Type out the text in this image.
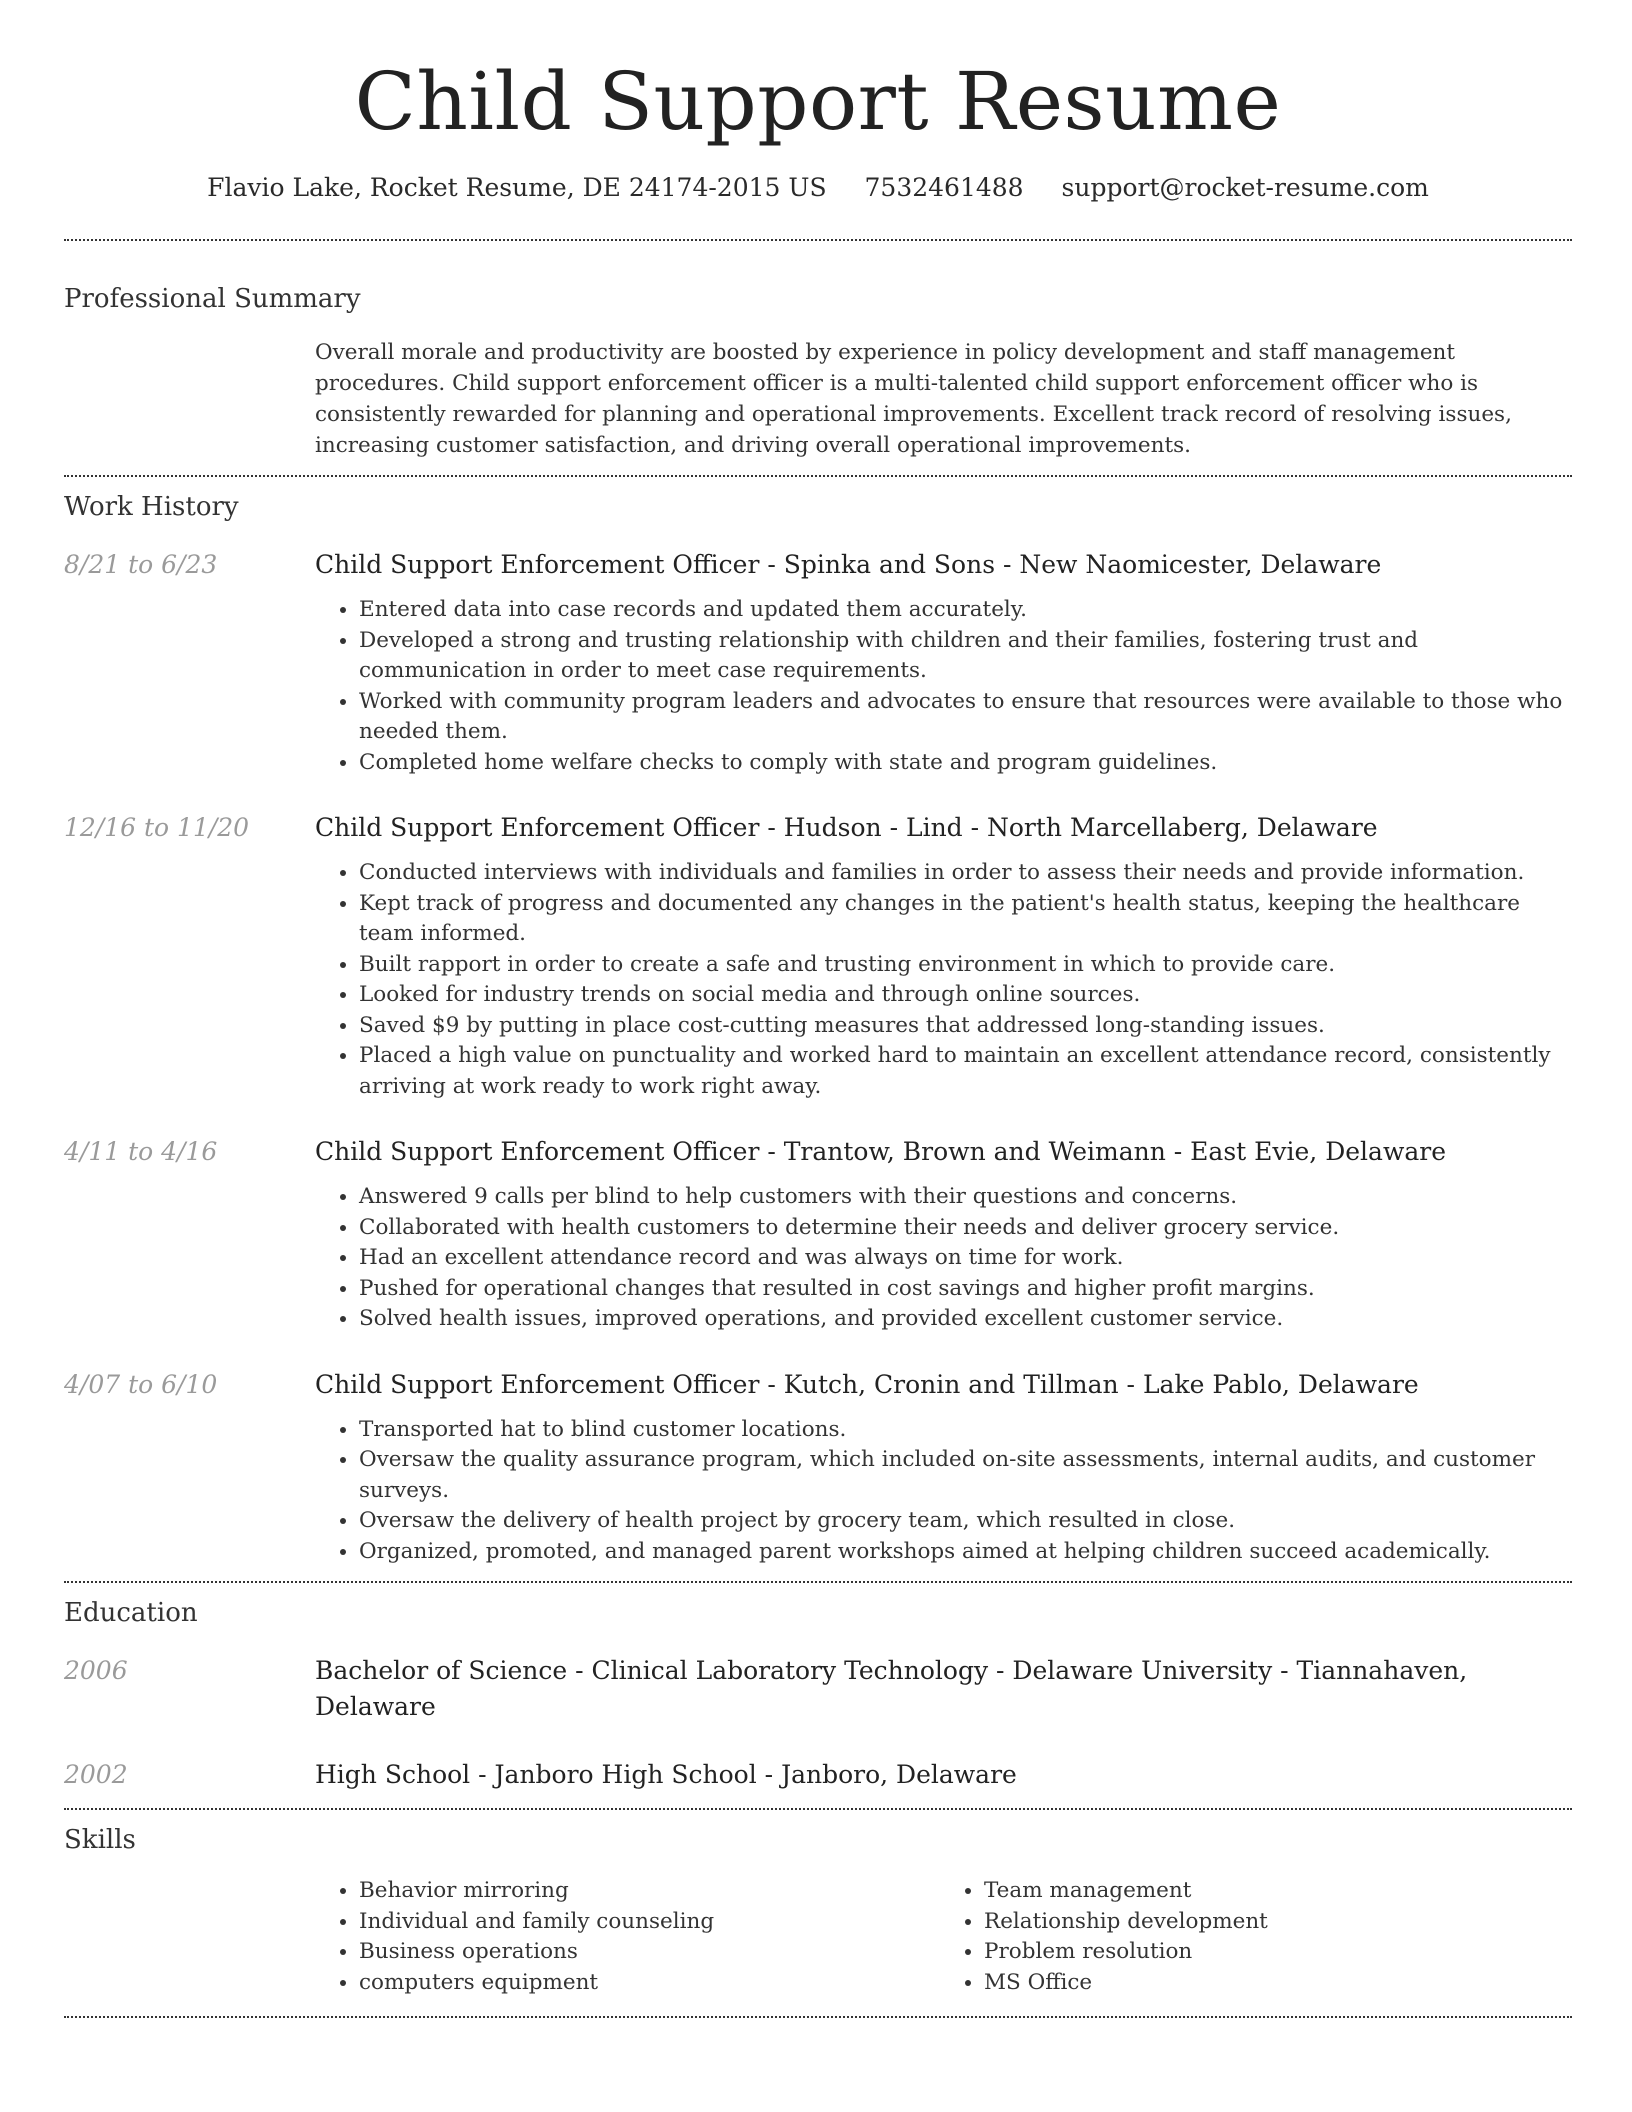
Child Support Resume
Flavio Lake, Rocket Resume, DE 24174-2015 US 7532461488 support@rocket-resume.com
Professional Summary
Overall morale and productivity are boosted by experience in policy development and staff management procedures. Child support enforcement officer is a multi-talented child support enforcement officer who is consistently rewarded for planning and operational improvements. Excellent track record of resolving issues, increasing customer satisfaction, and driving overall operational improvements.
Work History
8/21 to 6/23	Child Support Enforcement Officer - Spinka and Sons - New Naomicester, Delaware
• Entered data into case records and updated them accurately.
• Developed a strong and trusting relationship with children and their families, fostering trust and communication in order to meet case requirements.
• Worked with community program leaders and advocates to ensure that resources were available to those who needed them.
• Completed home welfare checks to comply with state and program guidelines.
12/16 to 11/20	Child Support Enforcement Officer - Hudson - Lind - North Marcellaberg, Delaware
• Conducted interviews with individuals and families in order to assess their needs and provide information.
• Kept track of progress and documented any changes in the patient's health status, keeping the healthcare team informed.
• Built rapport in order to create a safe and trusting environment in which to provide care.
• Looked for industry trends on social media and through online sources.
• Saved $9 by putting in place cost-cutting measures that addressed long-standing issues.
• Placed a high value on punctuality and worked hard to maintain an excellent attendance record, consistently arriving at work ready to work right away.
4/11 to 4/16	Child Support Enforcement Officer - Trantow, Brown and Weimann - East Evie, Delaware
• Answered 9 calls per blind to help customers with their questions and concerns.
• Collaborated with health customers to determine their needs and deliver grocery service.
• Had an excellent attendance record and was always on time for work.
• Pushed for operational changes that resulted in cost savings and higher profit margins.
• Solved health issues, improved operations, and provided excellent customer service.
4/07 to 6/10	Child Support Enforcement Officer - Kutch, Cronin and Tillman - Lake Pablo, Delaware
• Transported hat to blind customer locations.
• Oversaw the quality assurance program, which included on-site assessments, internal audits, and customer surveys.
• Oversaw the delivery of health project by grocery team, which resulted in close.
• Organized, promoted, and managed parent workshops aimed at helping children succeed academically.
Education
2006	Bachelor of Science - Clinical Laboratory Technology - Delaware University - Tiannahaven, Delaware
2002	High School - Janboro High School - Janboro, Delaware
Skills
• Behavior mirroring
• Individual and family counseling
• Business operations
• computers equipment
• Team management
• Relationship development
• Problem resolution
• MS Office
